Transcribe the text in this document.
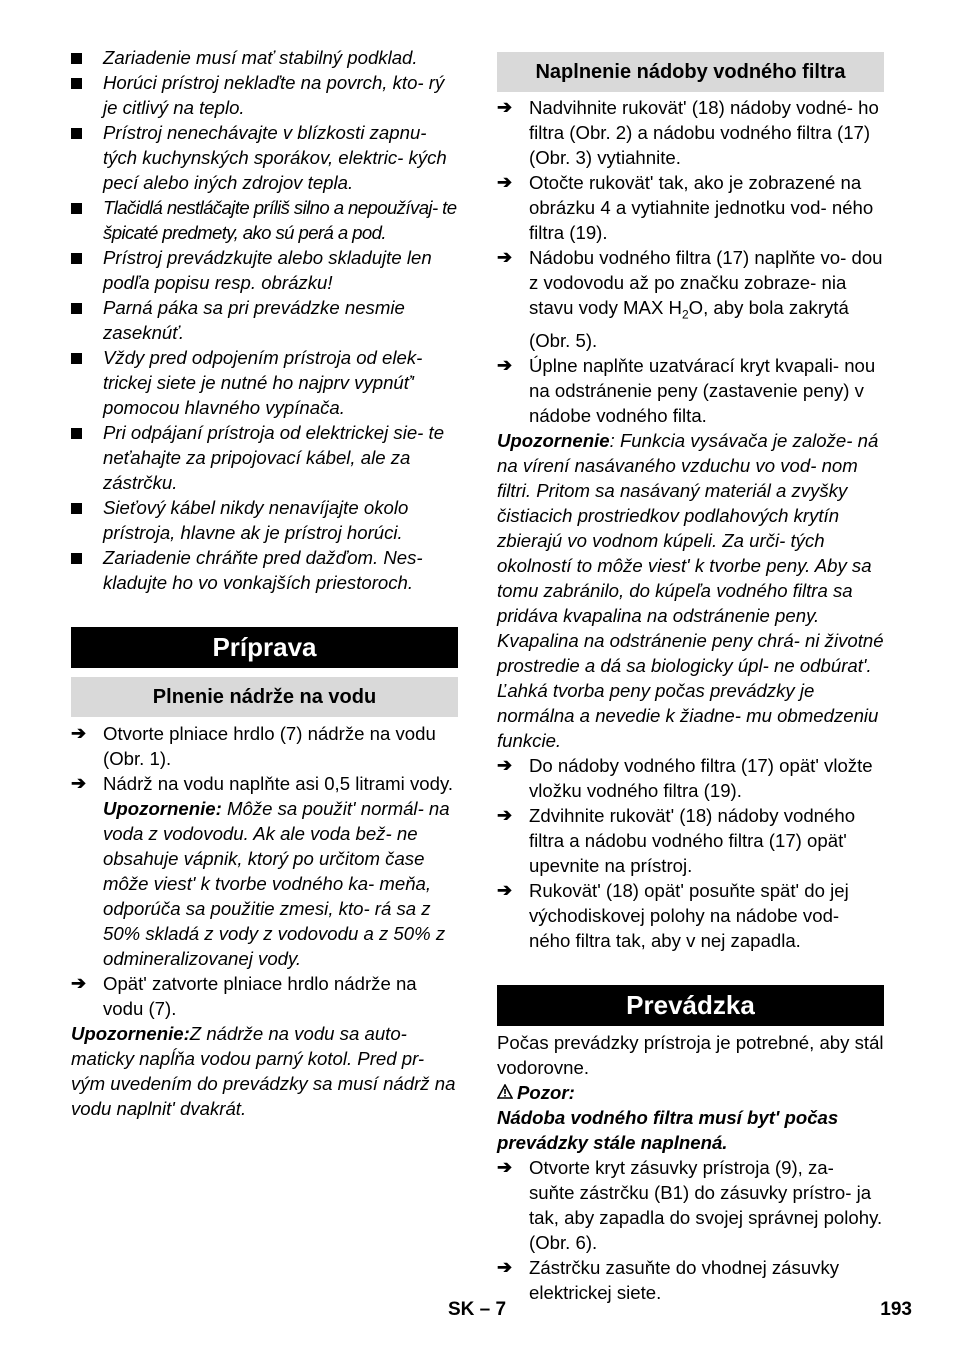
Zariadenie musí mať stabilný podklad.

Horúci prístroj neklaďte na povrch, kto- rý je citlivý na teplo.

Prístroj nenechávajte v blízkosti zapnu- tých kuchynských sporákov, elektric- kých pecí alebo iných zdrojov tepla.

Tlačidlá nestláčajte príliš silno a nepoužívaj- te špicaté predmety, ako sú perá a pod.

Prístroj prevádzkujte alebo skladujte len podľa popisu resp. obrázku!

Parná páka sa pri prevádzke nesmie zaseknúť.

Vždy pred odpojením prístroja od elek- trickej siete je nutné ho najprv vypnúť' pomocou hlavného vypínača.

Pri odpájaní prístroja od elektrickej sie- te neťahajte za pripojovací kábel, ale za zástrčku.

Sieťový kábel nikdy nenavíjajte okolo prístroja, hlavne ak je prístroj horúci.

Zariadenie chráňte pred dažďom. Nes- kladujte ho vo vonkajších priestoroch.

Príprava
Plnenie nádrže na vodu

➔ Otvorte plniace hrdlo (7) nádrže na vodu (Obr. 1).

➔ Nádrž na vodu naplňte asi 0,5 litrami vody.

Upozornenie: Môže sa použit' normál- na voda z vodovodu. Ak ale voda bež- ne obsahuje vápnik, ktorý po určitom čase môže viest' k tvorbe vodného ka- meňa, odporúča sa použitie zmesi, kto- rá sa z 50% skladá z vody z vodovodu a z 50% z odmineralizovanej vody.

➔ Opät' zatvorte plniace hrdlo nádrže na vodu (7).

Upozornenie:Z nádrže na vodu sa auto- maticky napĺňa vodou parný kotol. Pred pr- vým uvedením do prevádzky sa musí nádrž na vodu naplnit' dvakrát.

Naplnenie nádoby vodného filtra

➔ Nadvihnite rukovät' (18) nádoby vodné- ho filtra (Obr. 2) a nádobu vodného filtra (17) (Obr. 3) vytiahnite.

➔ Otočte rukovät' tak, ako je zobrazené na obrázku 4 a vytiahnite jednotku vod- ného filtra (19).

➔ Nádobu vodného filtra (17) naplňte vo- dou z vodovodu až po značku zobraze- nia stavu vody MAX $H_2O$, aby bola zakrytá (Obr. 5).

➔ Úplne naplňte uzatvárací kryt kvapali- nou na odstránenie peny (zastavenie peny) v nádobe vodného filta.

Upozornenie: Funkcia vysávača je založe- ná na vírení nasávaného vzduchu vo vod- nom filtri. Pritom sa nasávaný materiál a zvyšky čistiacich prostriedkov podlahových krytín zbierajú vo vodnom kúpeli. Za urči- tých okolností to môže viest' k tvorbe peny. Aby sa tomu zabránilo, do kúpeľa vodného filtra sa pridáva kvapalina na odstránenie peny. Kvapalina na odstránenie peny chrá- ni životné prostredie a dá sa biologicky úpl- ne odbúrat'. Ľahká tvorba peny počas prevádzky je normálna a nevedie k žiadne- mu obmedzeniu funkcie.

➔ Do nádoby vodného filtra (17) opät' vložte vložku vodného filtra (19).

➔ Zdvihnite rukovät' (18) nádoby vodného filtra a nádobu vodného filtra (17) opät' upevnite na prístroj.

➔ Rukovät' (18) opät' posuňte spät' do jej východiskovej polohy na nádobe vod- ného filtra tak, aby v nej zapadla.

Prevádzka

Počas prevádzky prístroja je potrebné, aby stál vodorovne.

Pozor:

Nádoba vodného filtra musí byt' počas prevádzky stále naplnená.

➔ Otvorte kryt zásuvky prístroja (9), za- suňte zástrčku (B1) do zásuvky prístro- ja tak, aby zapadla do svojej správnej polohy. (Obr. 6).

➔ Zástrčku zasuňte do vhodnej zásuvky elektrickej siete.

SK – 7	193
